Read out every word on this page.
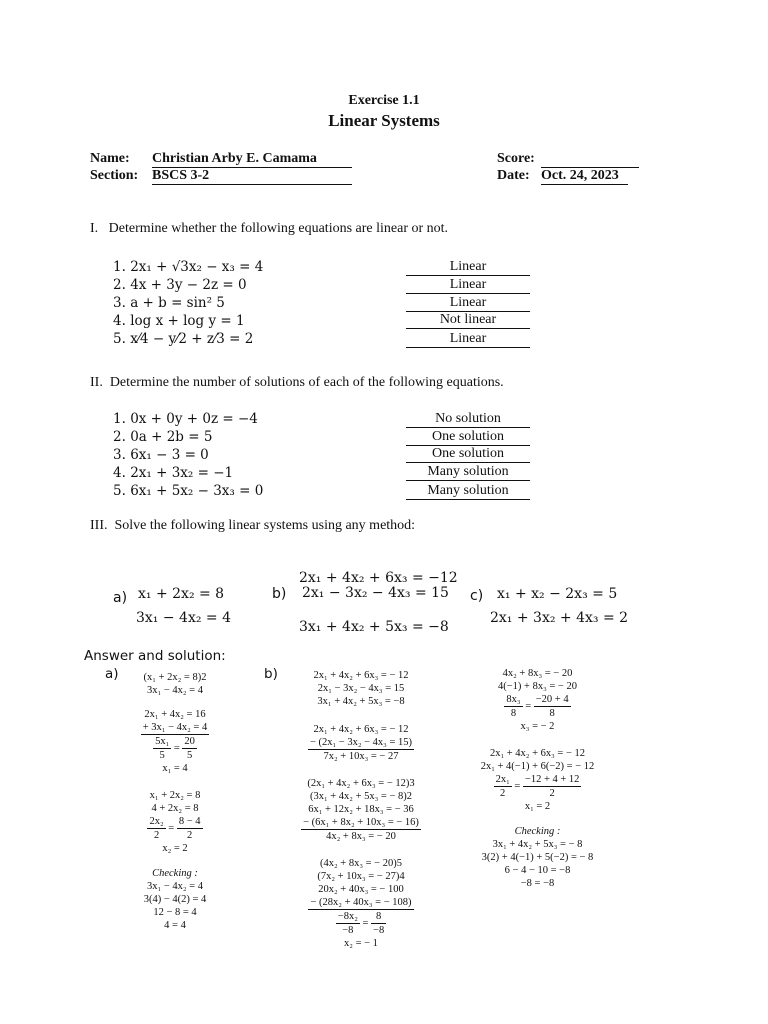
Exercise 1.1
Linear Systems
Name: Christian Arby E. Camama
Section: BSCS 3-2
Score:
Date: Oct. 24, 2023
I.   Determine whether the following equations are linear or not.
1. 2x₁ + √3x₂ − x₃ = 4
2. 4x + 3y − 2z = 0
3. a + b = sin² 5
4. log x + log y = 1
5. x⁄4 − y⁄2 + z⁄3 = 2
Linear
Linear
Linear
Not linear
Linear
II.  Determine the number of solutions of each of the following equations.
1. 0x + 0y + 0z = −4
2. 0a + 2b = 5
3. 6x₁ − 3 = 0
4. 2x₁ + 3x₂ = −1
5. 6x₁ + 5x₂ − 3x₃ = 0
No solution
One solution
One solution
Many solution
Many solution
III.  Solve the following linear systems using any method:
a) x₁ + 2x₂ = 8
3x₁ − 4x₂ = 4
b)
2x₁ + 4x₂ + 6x₃ = −12
2x₁ − 3x₂ − 4x₃ = 15
3x₁ + 4x₂ + 5x₃ = −8
c) x₁ + x₂ − 2x₃ = 5
2x₁ + 3x₂ + 4x₃ = 2
Answer and solution:
a)	b)
(x₁ + 2x₂ = 8)2
3x₁ − 4x₂ = 4
2x₁ + 4x₂ = 16
+ 3x₁ − 4x₂ = 4
$\frac{\text{5x₁}}{5} = \frac{20}{5}$
x₁ = 4
x₁ + 2x₂ = 8
4 + 2x₂ = 8
$\frac{\text{2x₂}}{2} = \frac{8 - 4}{2}$
x₂ = 2
Checking :
3x₁ − 4x₂ = 4
3(4) − 4(2) = 4
12 − 8 = 4
4 = 4
2x₁ + 4x₂ + 6x₃ = − 12
2x₁ − 3x₂ − 4x₃ = 15
3x₁ + 4x₂ + 5x₃ = −8
2x₁ + 4x₂ + 6x₃ = − 12
− (2x₁ − 3x₂ − 4x₃ = 15)
7x₂ + 10x₃ = − 27
(2x₁ + 4x₂ + 6x₃ = − 12)3
(3x₁ + 4x₂ + 5x₃ = − 8)2
6x₁ + 12x₂ + 18x₃ = − 36
− (6x₁ + 8x₂ + 10x₃ = − 16)
4x₂ + 8x₃ = − 20
(4x₂ + 8x₃ = − 20)5
(7x₂ + 10x₃ = − 27)4
20x₂ + 40x₃ = − 100
− (28x₂ + 40x₃ = − 108)
$\frac{\text{−8x₂}}{-8} = \frac{8}{-8}$
x₂ = − 1
4x₂ + 8x₃ = − 20
4(−1) + 8x₃ = − 20
$\frac{\text{8x₃}}{8} = \frac{-20 + 4}{8}$
x₃ = − 2
2x₁ + 4x₂ + 6x₃ = − 12
2x₁ + 4(−1) + 6(−2) = − 12
$\frac{\text{2x₁}}{2} = \frac{-12 + 4 + 12}{2}$
x₁ = 2
Checking :
3x₁ + 4x₂ + 5x₃ = − 8
3(2) + 4(−1) + 5(−2) = − 8
6 − 4 − 10 = −8
−8 = −8
